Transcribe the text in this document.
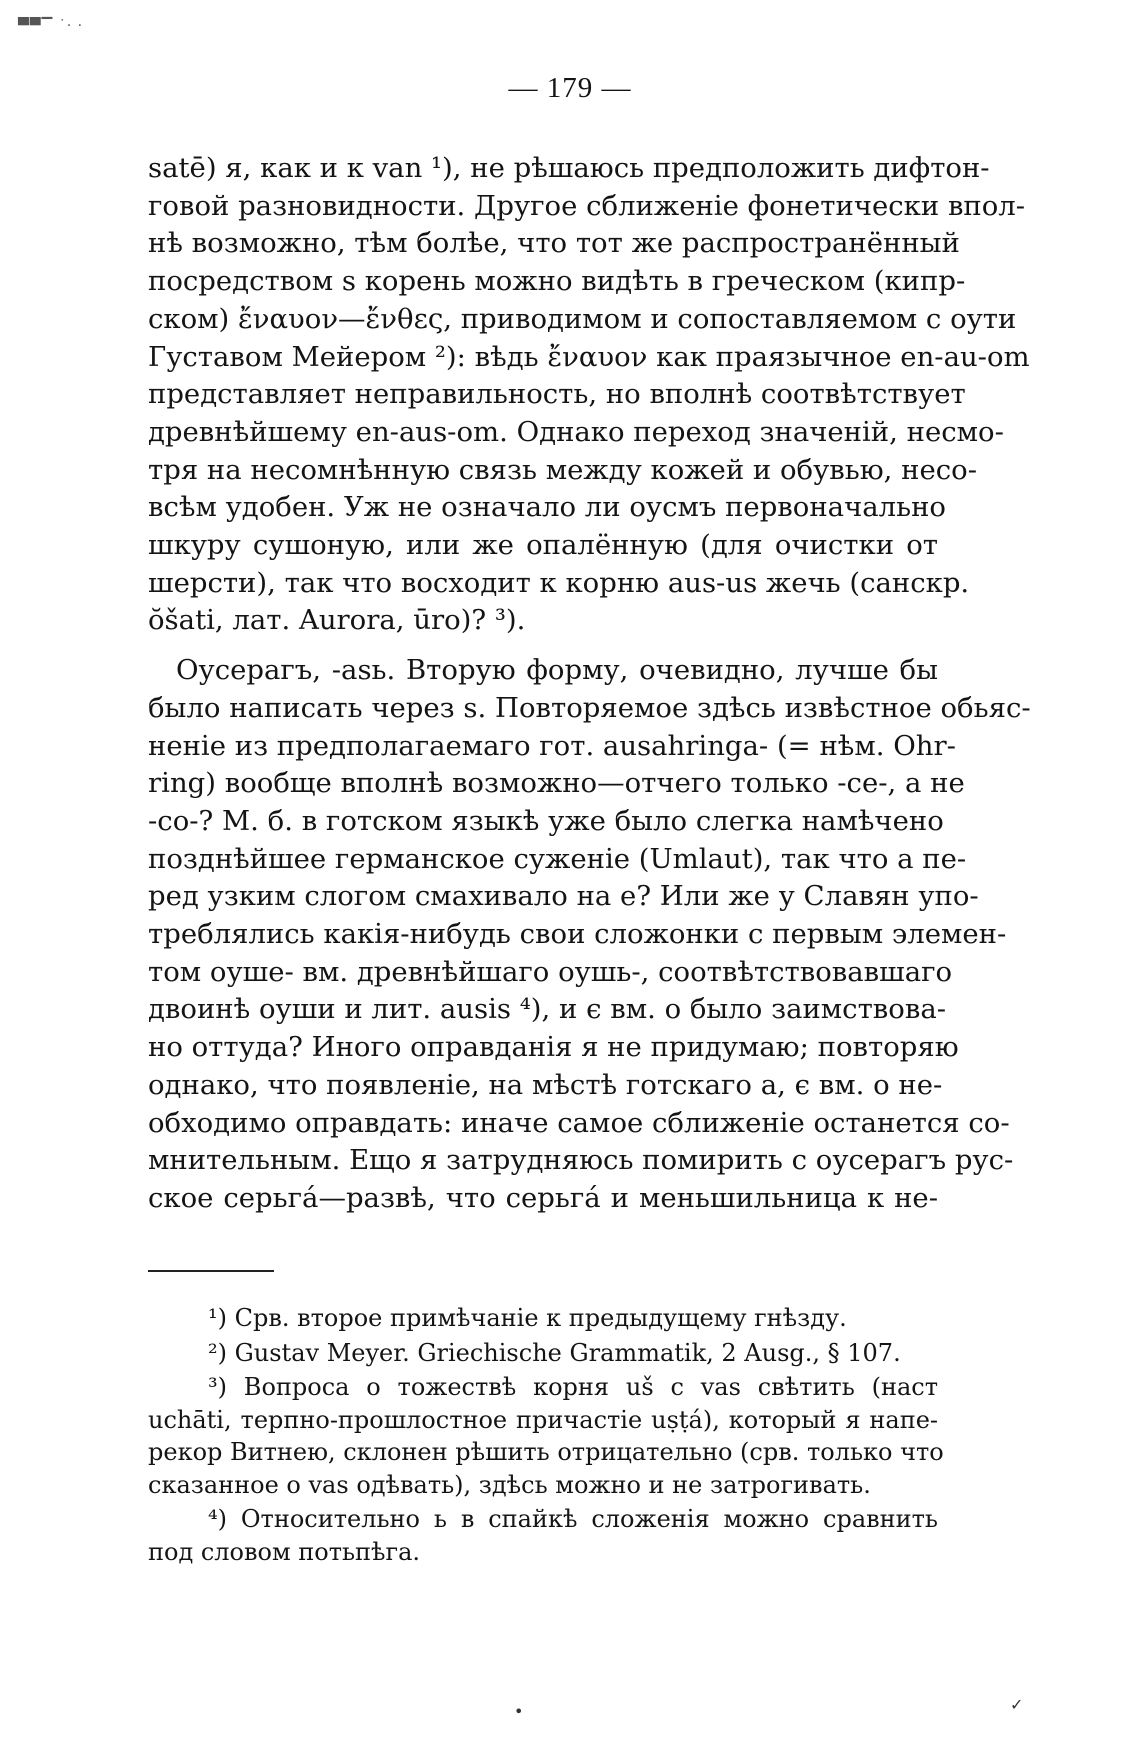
▀▀▔ ˙· ·
— 179 —
satē) я, как и к van ¹), не рѣшаюсь предположить дифтон-
говой разновидности. Другое сближеніе фонетически впол-
нѣ возможно, тѣм болѣе, что тот же распространённый
посредством s корень можно видѣть в греческом (кипр-
ском) ἔναυον—ἔνθες, приводимом и сопоставляемом с оути
Густавом Мейером ²): вѣдь ἔναυον как праязычное en-au-om
представляет неправильность, но вполнѣ соотвѣтствует
древнѣйшему en-aus-om. Однако переход значеній, несмо-
тря на несомнѣнную связь между кожей и обувью, несо-
всѣм удобен. Уж не означало ли оусмъ первоначально
шкуру сушоную, или же опалённую (для очистки от
шерсти), так что восходит к корню aus-us жечь (санскр.
ŏšati, лат. Aurora, ūro)? ³).
Оусерагъ, -аѕь. Вторую форму, очевидно, лучше бы
было написать через s. Повторяемое здѣсь извѣстное обьяс-
неніе из предполагаемаго гот. ausahringa- (= нѣм. Ohr-
ring) вообще вполнѣ возможно—отчего только -се-, а не
-со-? М. б. в готском языкѣ уже было слегка намѣчено
позднѣйшее германское суженіе (Umlaut), так что a пе-
ред узким слогом смахивало на e? Или же у Славян упо-
треблялись какія-нибудь свои сложонки с первым элемен-
том оуше- вм. древнѣйшаго оушь-, соотвѣтствовавшаго
двоинѣ оуши и лит. ausis ⁴), и є вм. о было заимствова-
но оттуда? Иного оправданія я не придумаю; повторяю
однако, что появленіе, на мѣстѣ готскаго a, є вм. о не-
обходимо оправдать: иначе самое сближеніе останется со-
мнительным. Ещо я затрудняюсь помирить с оусерагъ рус-
ское серьга́—развѣ, что серьга́ и меньшильница к не-
¹) Срв. второе примѣчаніе к предыдущему гнѣзду.
²) Gustav Meyer. Griechische Grammatik, 2 Ausg., § 107.
³) Вопроса о тожествѣ корня uš с vas свѣтить (наст
uchāti, терпно-прошлостное причастіе uṣṭá), который я напе-
рекор Витнею, склонен рѣшить отрицательно (срв. только что
сказанное о vas одѣвать), здѣсь можно и не затрогивать.
⁴) Относительно ь в спайкѣ сложенія можно сравнить
под словом потьпѣга.
•	✓
